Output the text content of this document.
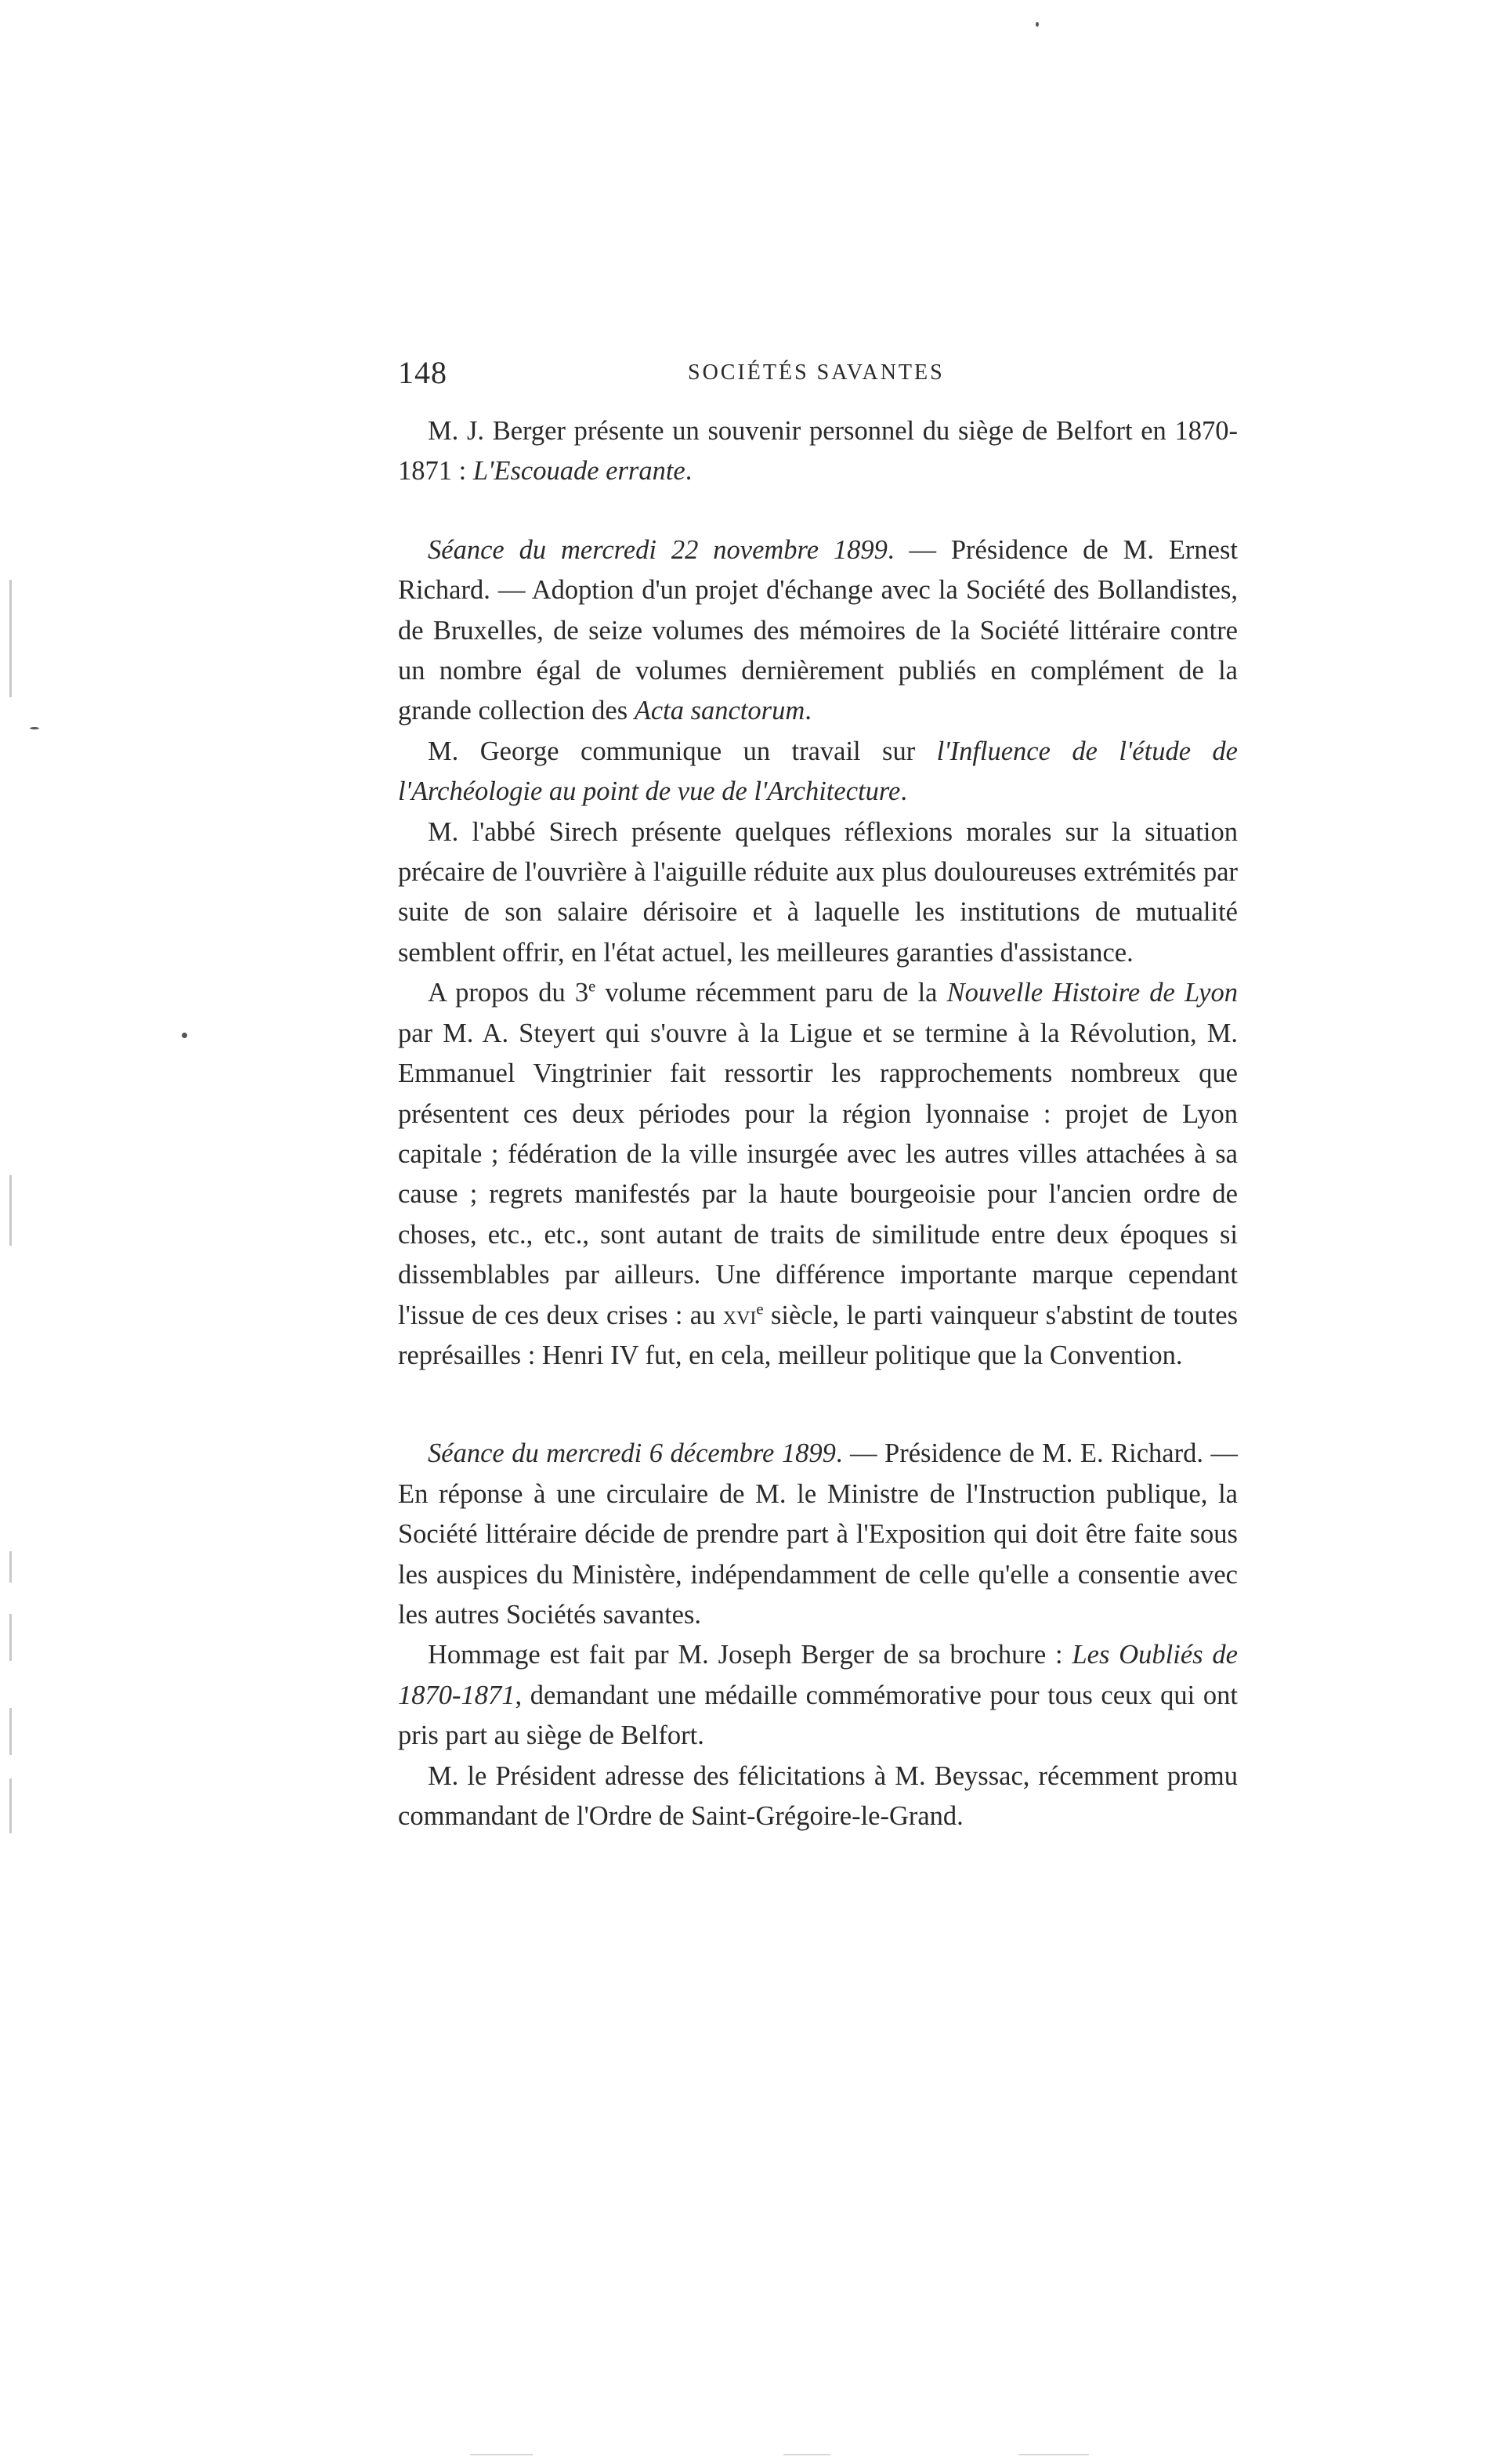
148	SOCIÉTÉS SAVANTES

M. J. Berger présente un souvenir personnel du siège de Belfort en 1870-1871 : L'Escouade errante.

Séance du mercredi 22 novembre 1899. — Présidence de M. Ernest Richard. — Adoption d'un projet d'échange avec la Société des Bollandistes, de Bruxelles, de seize volumes des mémoires de la Société littéraire contre un nombre égal de volumes dernièrement publiés en complément de la grande collection des Acta sanctorum.

M. George communique un travail sur l'Influence de l'étude de l'Archéologie au point de vue de l'Architecture.

M. l'abbé Sirech présente quelques réflexions morales sur la situation précaire de l'ouvrière à l'aiguille réduite aux plus douloureuses extrémités par suite de son salaire dérisoire et à laquelle les institutions de mutualité semblent offrir, en l'état actuel, les meilleures garanties d'assistance.

A propos du 3e volume récemment paru de la Nouvelle Histoire de Lyon par M. A. Steyert qui s'ouvre à la Ligue et se termine à la Révolution, M. Emmanuel Vingtrinier fait ressortir les rapprochements nombreux que présentent ces deux périodes pour la région lyonnaise : projet de Lyon capitale ; fédération de la ville insurgée avec les autres villes attachées à sa cause ; regrets manifestés par la haute bourgeoisie pour l'ancien ordre de choses, etc., etc., sont autant de traits de similitude entre deux époques si dissemblables par ailleurs. Une différence importante marque cependant l'issue de ces deux crises : au xvi$^e$ siècle, le parti vainqueur s'abstint de toutes représailles : Henri IV fut, en cela, meilleur politique que la Convention.

Séance du mercredi 6 décembre 1899. — Présidence de M. E. Richard. — En réponse à une circulaire de M. le Ministre de l'Instruction publique, la Société littéraire décide de prendre part à l'Exposition qui doit être faite sous les auspices du Ministère, indépendamment de celle qu'elle a consentie avec les autres Sociétés savantes.

Hommage est fait par M. Joseph Berger de sa brochure : Les Oubliés de 1870-1871, demandant une médaille commémorative pour tous ceux qui ont pris part au siège de Belfort.

M. le Président adresse des félicitations à M. Beyssac, récemment promu commandant de l'Ordre de Saint-Grégoire-le-Grand.
